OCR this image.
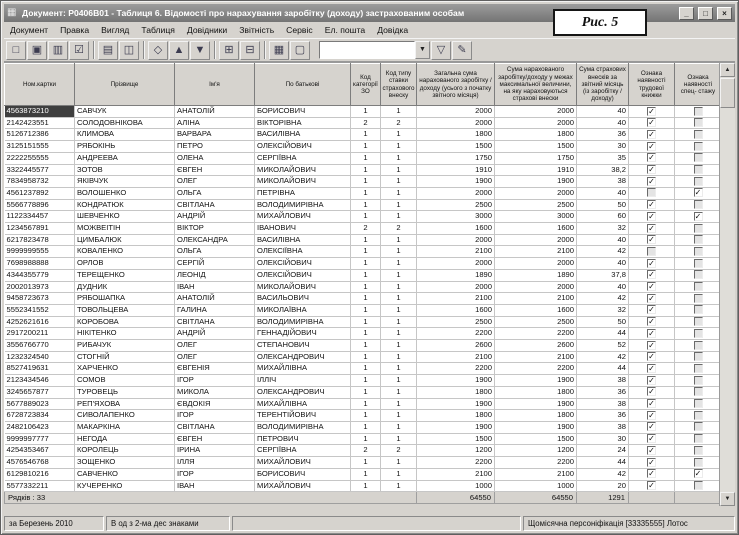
▦ Документ: Р0406В01 - Таблиця 6. Відомості про нарахування заробітку (доходу) застрахованим особам	_	□	×
Документ	Правка	Вигляд	Таблиця	Довідники	Звітність	Сервіс	Ел. пошта	Довідка
□ ▣ ▥ ☑ ▤ ◫ ◇ ▲ ▼ ⊞ ⊟ ▦ ▢	▼ ▽ ✎
Рис. 5
Ном.картки	Прізвище	Ім'я	По батькові	Код категорії ЗО	Код типу ставки страхового внеску	Загальна сума нарахованого заробітку / доходу (усього з початку звітного місяця)	Сума нарахованого заробітку/доходу у межах максимальної величини, на яку нараховуються страхові внески	Сума страхових внесків за звітний місяць (із заробітку / доходу)	Ознака наявності трудової книжки	Ознака наявності спец- стажу
4563873210	САВЧУК	АНАТОЛІЙ	БОРИСОВИЧ	1	1	2000	2000	40	✓	
2142423551	СОЛОДОВНІКОВА	АЛІНА	ВІКТОРІВНА	2	2	2000	2000	40	✓	
5126712386	КЛИМОВА	ВАРВАРА	ВАСИЛІВНА	1	1	1800	1800	36	✓	
3125151555	РЯБОКІНЬ	ПЕТРО	ОЛЕКСІЙОВИЧ	1	1	1500	1500	30	✓	
2222255555	АНДРЕЕВА	ОЛЕНА	СЕРГІЇВНА	1	1	1750	1750	35	✓	
3322445577	ЗОТОВ	ЄВГЕН	МИКОЛАЙОВИЧ	1	1	1910	1910	38,2	✓	
7834958732	ЯКІВЧУК	ОЛЕГ	МИКОЛАЙОВИЧ	1	1	1900	1900	38	✓	
4561237892	ВОЛОШЕНКО	ОЛЬГА	ПЕТРІВНА	1	1	2000	2000	40		✓
5566778896	КОНДРАТЮК	СВІТЛАНА	ВОЛОДИМИРІВНА	1	1	2500	2500	50	✓	
1122334457	ШЕВЧЕНКО	АНДРІЙ	МИХАЙЛОВИЧ	1	1	3000	3000	60	✓	✓
1234567891	МОЖВЕІТІН	ВІКТОР	ІВАНОВИЧ	2	2	1600	1600	32	✓	
6217823478	ЦИМБАЛЮК	ОЛЕКСАНДРА	ВАСИЛІВНА	1	1	2000	2000	40	✓	
9999999555	КОВАЛЕНКО	ОЛЬГА	ОЛЕКСІЇВНА	1	1	2100	2100	42		
7698988888	ОРЛОВ	СЕРГІЙ	ОЛЕКСІЙОВИЧ	1	1	2000	2000	40	✓	
4344355779	ТЕРЕЩЕНКО	ЛЕОНІД	ОЛЕКСІЙОВИЧ	1	1	1890	1890	37,8	✓	
2002013973	ДУДНИК	ІВАН	МИКОЛАЙОВИЧ	1	1	2000	2000	40	✓	
9458723673	РЯБОШАПКА	АНАТОЛІЙ	ВАСИЛЬОВИЧ	1	1	2100	2100	42	✓	
5552341552	ТОВОЛЬЦЕВА	ГАЛИНА	МИКОЛАЇВНА	1	1	1600	1600	32	✓	
4252621616	КОРОБОВА	СВІТЛАНА	ВОЛОДИМИРІВНА	1	1	2500	2500	50	✓	
2917200211	НІКІТЕНКО	АНДРІЙ	ГЕННАДІЙОВИЧ	1	1	2200	2200	44	✓	
3556766770	РИБАЧУК	ОЛЕГ	СТЕПАНОВИЧ	1	1	2600	2600	52	✓	
1232324540	СТОГНІЙ	ОЛЕГ	ОЛЕКСАНДРОВИЧ	1	1	2100	2100	42	✓	
8527419631	ХАРЧЕНКО	ЄВГЕНІЯ	МИХАЙЛІВНА	1	1	2200	2200	44	✓	
2123434546	СОМОВ	ІГОР	ІЛЛІЧ	1	1	1900	1900	38	✓	
3245657877	ТУРОВЕЦЬ	МИКОЛА	ОЛЕКСАНДРОВИЧ	1	1	1800	1800	36	✓	
5677889023	РЕП'ЯХОВА	ЄВДОКІЯ	МИХАЙЛІВНА	1	1	1900	1900	38	✓	
6728723834	СИВОЛАПЕНКО	ІГОР	ТЕРЕНТІЙОВИЧ	1	1	1800	1800	36	✓	
2482106423	МАКАРКІНА	СВІТЛАНА	ВОЛОДИМИРІВНА	1	1	1900	1900	38	✓	
9999997777	НЕГОДА	ЄВГЕН	ПЕТРОВИЧ	1	1	1500	1500	30	✓	
4254353467	КОРОЛЕЦЬ	ІРИНА	СЕРГІЇВНА	2	2	1200	1200	24	✓	
4576546768	ЗОЩЕНКО	ІЛЛЯ	МИХАЙЛОВИЧ	1	1	2200	2200	44	✓	
6129810216	САВЧЕНКО	ІГОР	БОРИСОВИЧ	1	1	2100	2100	42	✓	✓
5577332211	КУЧЕРЕНКО	ІВАН	МИХАЙЛОВИЧ	1	1	1000	1000	20	✓	
Рядків : 33						64550	64550	1291		
▲
▼
за Березень 2010	В од з 2-ма дес знаками	Щомісячна персоніфікація [33335555] Лотос
